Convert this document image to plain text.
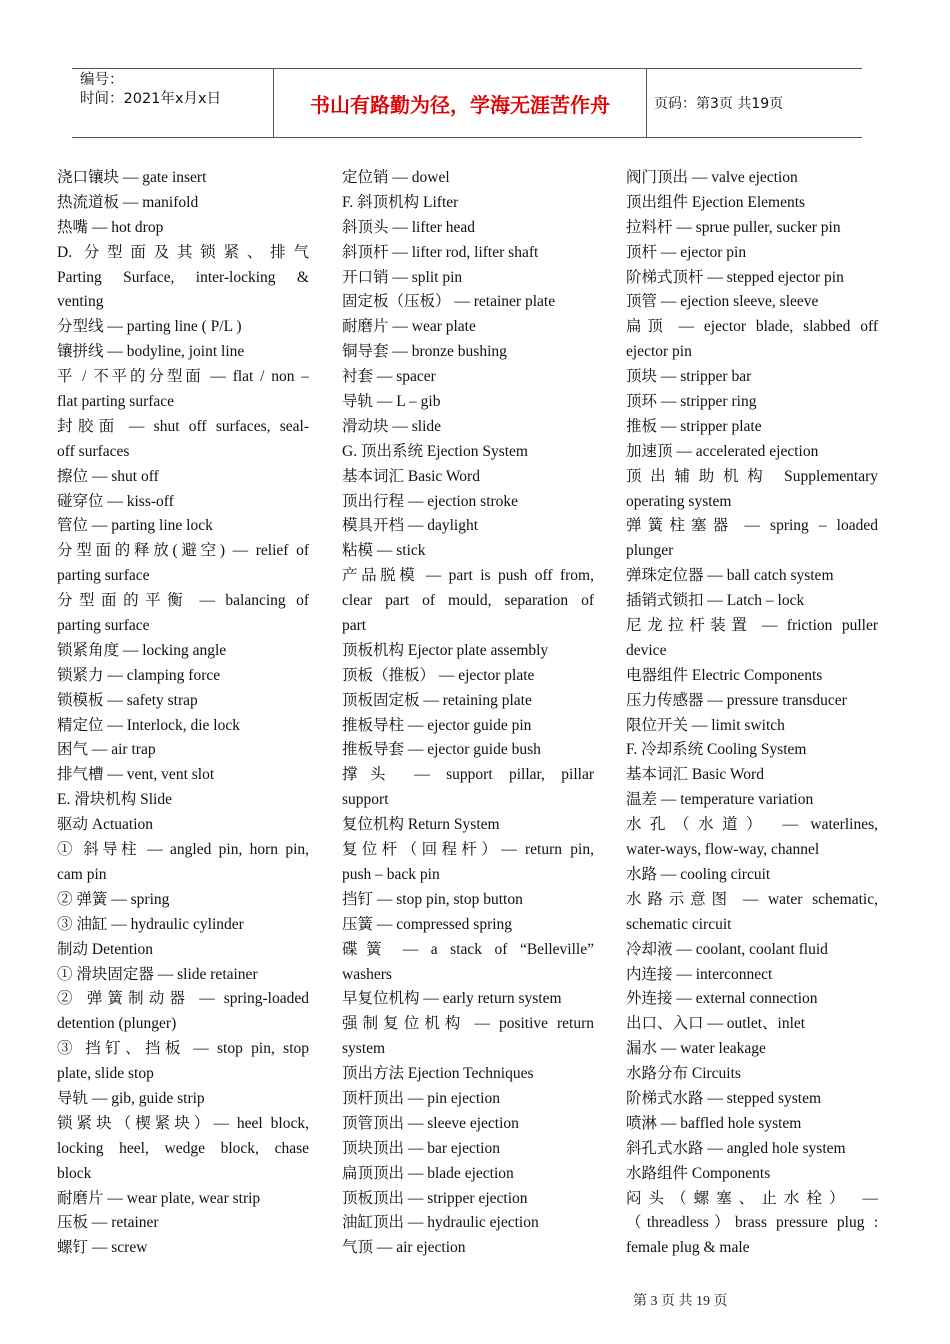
编号：
时间：2021年x月x日	书山有路勤为径，学海无涯苦作舟	页码：第3页 共19页
浇口镶块 — gate insert
热流道板 — manifold
热嘴 — hot drop
D. 分型面及其锁紧、排气
Parting Surface, inter-locking &
venting
分型线 — parting line ( P/L )
镶拼线 — bodyline, joint line
平 / 不平的分型面 — flat / non –
flat parting surface
封胶面 — shut off surfaces, seal-
off surfaces
擦位 — shut off
碰穿位 — kiss-off
管位 — parting line lock
分型面的释放(避空) — relief of
parting surface
分型面的平衡 — balancing of
parting surface
锁紧角度 — locking angle
锁紧力 — clamping force
锁模板 — safety strap
精定位 — Interlock, die lock
困气 — air trap
排气槽 — vent, vent slot
E. 滑块机构 Slide
驱动 Actuation
① 斜导柱 — angled pin, horn pin,
cam pin
② 弹簧 — spring
③ 油缸 — hydraulic cylinder
制动 Detention
① 滑块固定器 — slide retainer
② 弹簧制动器 — spring-loaded
detention (plunger)
③ 挡钉、挡板 — stop pin, stop
plate, slide stop
导轨 — gib, guide strip
锁紧块（楔紧块）— heel block,
locking heel, wedge block, chase
block
耐磨片 — wear plate, wear strip
压板 — retainer
螺钉 — screw
定位销 — dowel
F. 斜顶机构 Lifter
斜顶头 — lifter head
斜顶杆 — lifter rod, lifter shaft
开口销 — split pin
固定板（压板） — retainer plate
耐磨片 — wear plate
铜导套 — bronze bushing
衬套 — spacer
导轨 — L – gib
滑动块 — slide
G. 顶出系统 Ejection System
基本词汇 Basic Word
顶出行程 — ejection stroke
模具开档 — daylight
粘模 — stick
产品脱模 — part is push off from,
clear part of mould, separation of
part
顶板机构 Ejector plate assembly
顶板（推板） — ejector plate
顶板固定板 — retaining plate
推板导柱 — ejector guide pin
推板导套 — ejector guide bush
撑头 — support pillar, pillar
support
复位机构 Return System
复位杆（回程杆）— return pin,
push – back pin
挡钉 — stop pin, stop button
压簧 — compressed spring
碟簧 — a stack of “Belleville”
washers
早复位机构 — early return system
强制复位机构 — positive return
system
顶出方法 Ejection Techniques
顶杆顶出 — pin ejection
顶管顶出 — sleeve ejection
顶块顶出 — bar ejection
扁顶顶出 — blade ejection
顶板顶出 — stripper ejection
油缸顶出 — hydraulic ejection
气顶 — air ejection
阀门顶出 — valve ejection
顶出组件 Ejection Elements
拉料杆 — sprue puller, sucker pin
顶杆 — ejector pin
阶梯式顶杆 — stepped ejector pin
顶管 — ejection sleeve, sleeve
扁顶 — ejector blade, slabbed off
ejector pin
顶块 — stripper bar
顶环 — stripper ring
推板 — stripper plate
加速顶 — accelerated ejection
顶出辅助机构 Supplementary
operating system
弹簧柱塞器 — spring – loaded
plunger
弹珠定位器 — ball catch system
插销式锁扣 — Latch – lock
尼龙拉杆装置 — friction puller
device
电器组件 Electric Components
压力传感器 — pressure transducer
限位开关 — limit switch
F. 冷却系统 Cooling System
基本词汇 Basic Word
温差 — temperature variation
水孔（水道） — waterlines,
water-ways, flow-way, channel
水路 — cooling circuit
水路示意图 — water schematic,
schematic circuit
冷却液 — coolant, coolant fluid
内连接 — interconnect
外连接 — external connection
出口、入口 — outlet、inlet
漏水 — water leakage
水路分布 Circuits
阶梯式水路 — stepped system
喷淋 — baffled hole system
斜孔式水路 — angled hole system
水路组件 Components
闷头（螺塞、止水栓） —
（threadless）brass pressure plug :
female plug & male
第 3 页 共 19 页
